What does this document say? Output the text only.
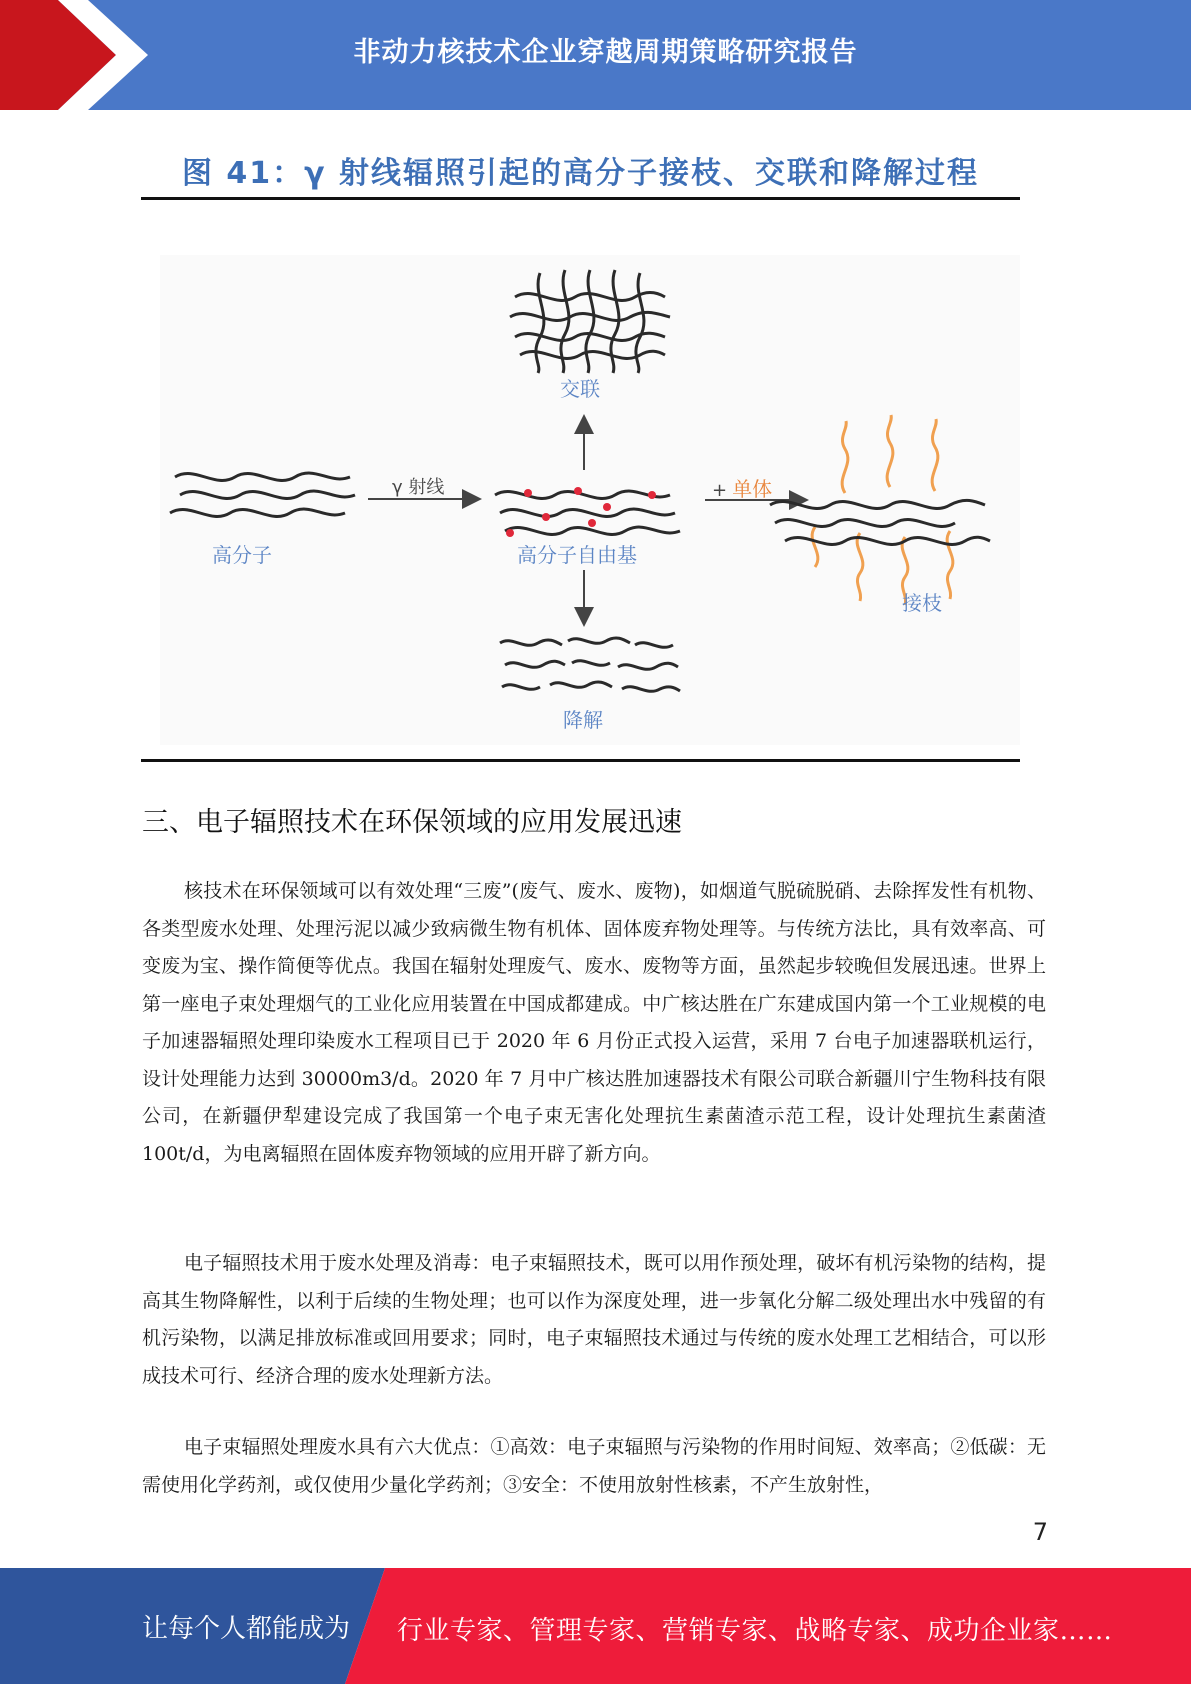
非动力核技术企业穿越周期策略研究报告
图 41：γ 射线辐照引起的高分子接枝、交联和降解过程
高分子
γ 射线
高分子自由基
交联
+ 单体
接枝
降解
三、电子辐照技术在环保领域的应用发展迅速

核技术在环保领域可以有效处理“三废”(废气、废水、废物)，如烟道气脱硫脱硝、去除挥发性有机物、各类型废水处理、处理污泥以减少致病微生物有机体、固体废弃物处理等。与传统方法比，具有效率高、可变废为宝、操作简便等优点。我国在辐射处理废气、废水、废物等方面，虽然起步较晚但发展迅速。世界上第一座电子束处理烟气的工业化应用装置在中国成都建成。中广核达胜在广东建成国内第一个工业规模的电子加速器辐照处理印染废水工程项目已于 2020 年 6 月份正式投入运营，采用 7 台电子加速器联机运行，设计处理能力达到 30000m3/d。2020 年 7 月中广核达胜加速器技术有限公司联合新疆川宁生物科技有限公司，在新疆伊犁建设完成了我国第一个电子束无害化处理抗生素菌渣示范工程，设计处理抗生素菌渣 100t/d，为电离辐照在固体废弃物领域的应用开辟了新方向。

电子辐照技术用于废水处理及消毒：电子束辐照技术，既可以用作预处理，破坏有机污染物的结构，提高其生物降解性，以利于后续的生物处理；也可以作为深度处理，进一步氧化分解二级处理出水中残留的有机污染物，以满足排放标准或回用要求；同时，电子束辐照技术通过与传统的废水处理工艺相结合，可以形成技术可行、经济合理的废水处理新方法。

电子束辐照处理废水具有六大优点：①高效：电子束辐照与污染物的作用时间短、效率高；②低碳：无需使用化学药剂，或仅使用少量化学药剂；③安全：不使用放射性核素，不产生放射性，

7
让每个人都能成为 行业专家、管理专家、营销专家、战略专家、成功企业家……
